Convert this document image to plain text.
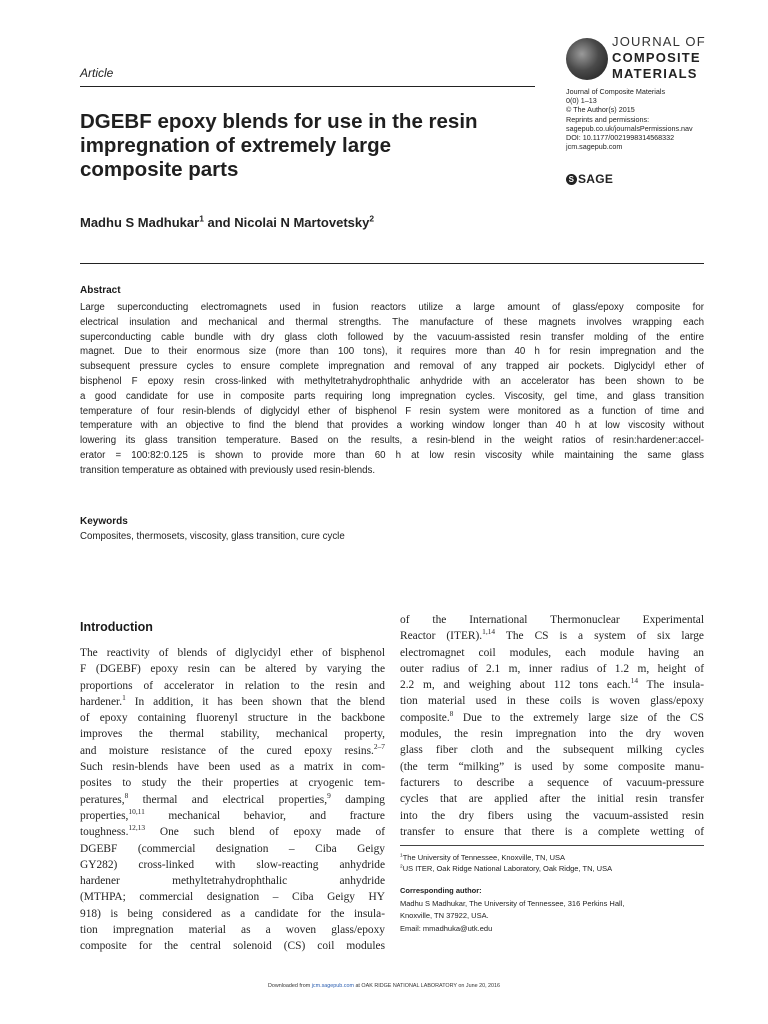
Article
JOURNAL OF
COMPOSITE
MATERIALS
Journal of Composite Materials
0(0) 1–13
© The Author(s) 2015
Reprints and permissions:
sagepub.co.uk/journalsPermissions.nav
DOI: 10.1177/0021998314568332
jcm.sagepub.com
S SAGE
DGEBF epoxy blends for use in the resin
impregnation of extremely large
composite parts
Madhu S Madhukar$^1$ and Nicolai N Martovetsky$^2$
Abstract
Large superconducting electromagnets used in fusion reactors utilize a large amount of glass/epoxy composite for
electrical insulation and mechanical and thermal strengths. The manufacture of these magnets involves wrapping each
superconducting cable bundle with dry glass cloth followed by the vacuum-assisted resin transfer molding of the entire
magnet. Due to their enormous size (more than 100 tons), it requires more than 40 h for resin impregnation and the
subsequent pressure cycles to ensure complete impregnation and removal of any trapped air pockets. Diglycidyl ether of
bisphenol F epoxy resin cross-linked with methyltetrahydrophthalic anhydride with an accelerator has been shown to be
a good candidate for use in composite parts requiring long impregnation cycles. Viscosity, gel time, and glass transition
temperature of four resin-blends of diglycidyl ether of bisphenol F resin system were monitored as a function of time and
temperature with an objective to find the blend that provides a working window longer than 40 h at low viscosity without
lowering its glass transition temperature. Based on the results, a resin-blend in the weight ratios of resin:hardener:accel-
erator = 100:82:0.125 is shown to provide more than 60 h at low resin viscosity while maintaining the same glass
transition temperature as obtained with previously used resin-blends.
Keywords
Composites, thermosets, viscosity, glass transition, cure cycle
Introduction
The reactivity of blends of diglycidyl ether of bisphenol
F (DGEBF) epoxy resin can be altered by varying the
proportions of accelerator in relation to the resin and
hardener.$^1$ In addition, it has been shown that the blend
of epoxy containing fluorenyl structure in the backbone
improves the thermal stability, mechanical property,
and moisture resistance of the cured epoxy resins.$^{2-7}$
Such resin-blends have been used as a matrix in com-
posites to study the their properties at cryogenic tem-
peratures,$^8$ thermal and electrical properties,$^9$ damping
properties,$^{10,11}$ mechanical behavior, and fracture
toughness.$^{12,13}$ One such blend of epoxy made of
DGEBF (commercial designation – Ciba Geigy
GY282) cross-linked with slow-reacting anhydride
hardener methyltetrahydrophthalic anhydride
(MTHPA; commercial designation – Ciba Geigy HY
918) is being considered as a candidate for the insula-
tion impregnation material as a woven glass/epoxy
composite for the central solenoid (CS) coil modules
of the International Thermonuclear Experimental
Reactor (ITER).$^{1,14}$ The CS is a system of six large
electromagnet coil modules, each module having an
outer radius of 2.1 m, inner radius of 1.2 m, height of
2.2 m, and weighing about 112 tons each.$^{14}$ The insula-
tion material used in these coils is woven glass/epoxy
composite.$^8$ Due to the extremely large size of the CS
modules, the resin impregnation into the dry woven
glass fiber cloth and the subsequent milking cycles
(the term “milking” is used by some composite manu-
facturers to describe a sequence of vacuum-pressure
cycles that are applied after the initial resin transfer
into the dry fibers using the vacuum-assisted resin
transfer to ensure that there is a complete wetting of
$^1$The University of Tennessee, Knoxville, TN, USA
$^2$US ITER, Oak Ridge National Laboratory, Oak Ridge, TN, USA
Corresponding author:
Madhu S Madhukar, The University of Tennessee, 316 Perkins Hall,
Knoxville, TN 37922, USA.
Email: mmadhuka@utk.edu
Downloaded from jcm.sagepub.com at OAK RIDGE NATIONAL LABORATORY on June 20, 2016
